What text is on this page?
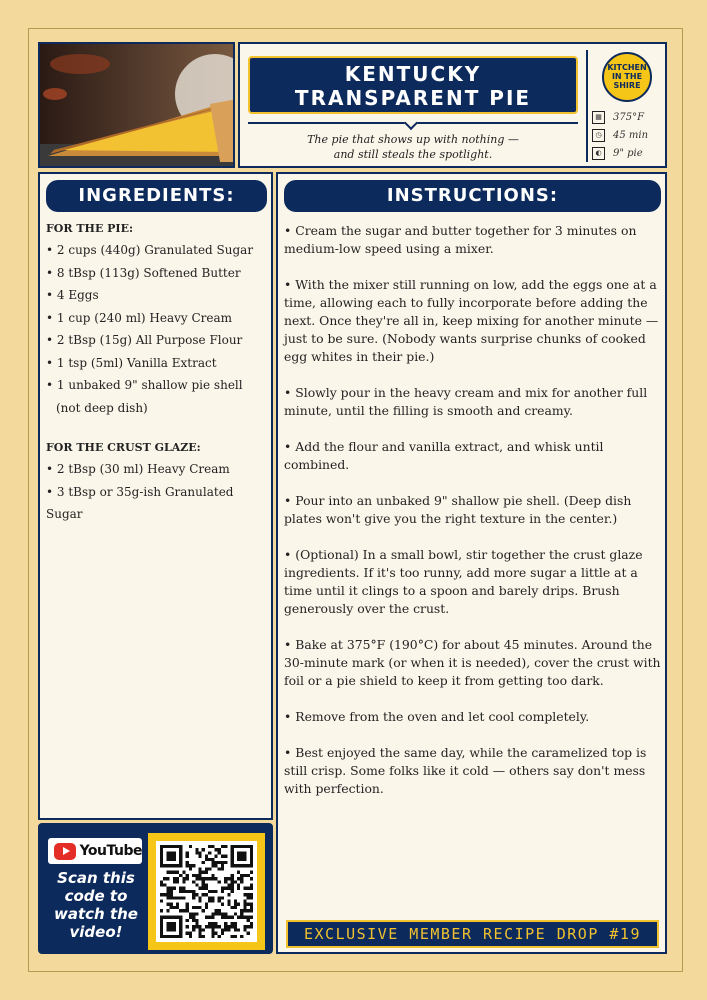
KENTUCKY
TRANSPARENT PIE
The pie that shows up with nothing —
and still steals the spotlight.
KITCHEN
IN THE
SHIRE
▦	375°F
◷	45 min
◐	9" pie
INGREDIENTS:
FOR THE PIE:
• 2 cups (440g) Granulated Sugar
• 8 tBsp (113g) Softened Butter
• 4 Eggs
• 1 cup (240 ml) Heavy Cream
• 2 tBsp (15g) All Purpose Flour
• 1 tsp (5ml) Vanilla Extract
• 1 unbaked 9" shallow pie shell
(not deep dish)
FOR THE CRUST GLAZE:
• 2 tBsp (30 ml) Heavy Cream
• 3 tBsp or 35g-ish Granulated Sugar
INSTRUCTIONS:

• Cream the sugar and butter together for 3 minutes on medium-low speed using a mixer.

• With the mixer still running on low, add the eggs one at a time, allowing each to fully incorporate before adding the next. Once they're all in, keep mixing for another minute — just to be sure. (Nobody wants surprise chunks of cooked egg whites in their pie.)

• Slowly pour in the heavy cream and mix for another full minute, until the filling is smooth and creamy.

• Add the flour and vanilla extract, and whisk until combined.

• Pour into an unbaked 9" shallow pie shell. (Deep dish plates won't give you the right texture in the center.)

• (Optional) In a small bowl, stir together the crust glaze ingredients. If it's too runny, add more sugar a little at a time until it clings to a spoon and barely drips. Brush generously over the crust.

• Bake at 375°F (190°C) for about 45 minutes. Around the 30-minute mark (or when it is needed), cover the crust with foil or a pie shield to keep it from getting too dark.

• Remove from the oven and let cool completely.

• Best enjoyed the same day, while the caramelized top is still crisp. Some folks like it cold — others say don't mess with perfection.

EXCLUSIVE MEMBER RECIPE DROP #19
YouTube
Scan this
code to
watch the
video!
